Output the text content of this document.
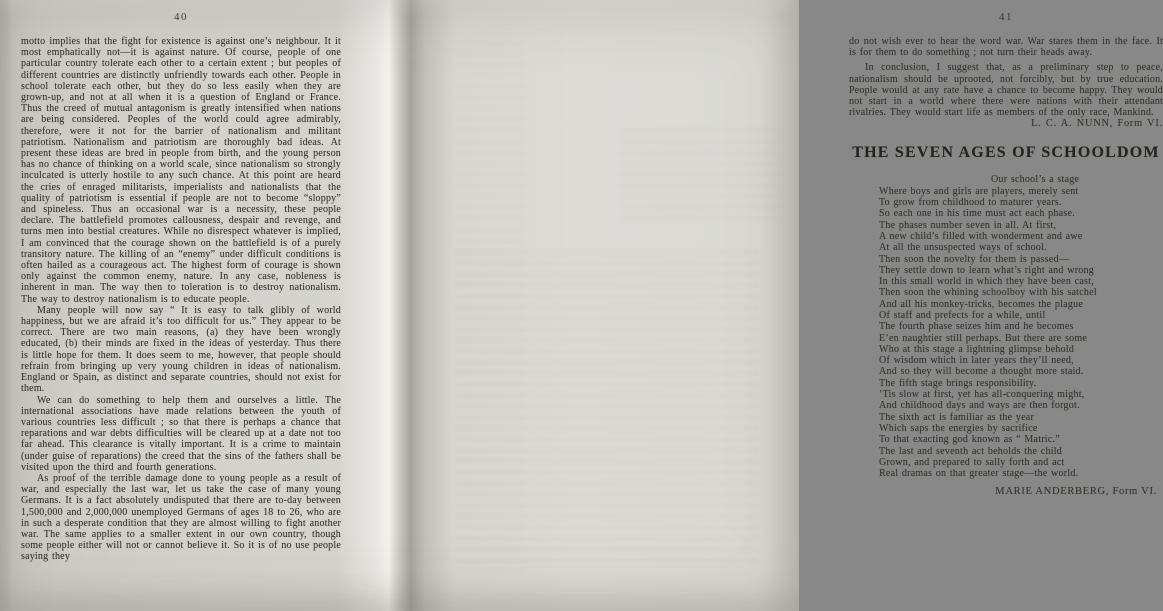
40

motto implies that the fight for existence is against one’s neighbour. It it most emphatically not—it is against nature. Of course, people of one particular country tolerate each other to a certain extent ; but peoples of different countries are distinctly unfriendly towards each other. People in school tolerate each other, but they do so less easily when they are grown-up, and not at all when it is a question of England or France. Thus the creed of mutual antagonism is greatly intensified when nations are being considered. Peoples of the world could agree admirably, therefore, were it not for the barrier of nationalism and militant patriotism. Nationalism and patriotism are thoroughly bad ideas. At present these ideas are bred in people from birth, and the young person has no chance of thinking on a world scale, since nationalism so strongly inculcated is utterly hostile to any such chance. At this point are heard the cries of enraged militarists, imperialists and nationalists that the quality of patriotism is essential if people are not to become “sloppy” and spineless. Thus an occasional war is a necessity, these people declare. The battlefield promotes callousness, despair and revenge, and turns men into bestial creatures. While no disrespect whatever is implied, I am convinced that the courage shown on the battlefield is of a purely transitory nature. The killing of an “enemy” under difficult conditions is often hailed as a courageous act. The highest form of courage is shown only against the common enemy, nature. In any case, nobleness is inherent in man. The way then to toleration is to destroy nationalism. The way to destroy nationalism is to educate people.

Many people will now say “ It is easy to talk glibly of world happiness, but we are afraid it’s too difficult for us.” They appear to be correct. There are two main reasons, (a) they have been wrongly educated, (b) their minds are fixed in the ideas of yesterday. Thus there is little hope for them. It does seem to me, however, that people should refrain from bringing up very young children in ideas of nationalism. England or Spain, as distinct and separate countries, should not exist for them.

We can do something to help them and ourselves a little. The international associations have made relations between the youth of various countries less difficult ; so that there is perhaps a chance that reparations and war debts difficulties will be cleared up at a date not too far ahead. This clearance is vitally important. It is a crime to maintain (under guise of reparations) the creed that the sins of the fathers shall be visited upon the third and fourth generations.

As proof of the terrible damage done to young people as a result of war, and especially the last war, let us take the case of many young Germans. It is a fact absolutely undisputed that there are to-day between 1,500,000 and 2,000,000 unemployed Germans of ages 18 to 26, who are in such a desperate condition that they are almost willing to fight another war. The same applies to a smaller extent in our own country, though some people either will not or cannot believe it. So it is of no use people saying they

41

do not wish ever to hear the word war. War stares them in the face. It is for them to do something ; not turn their heads away.

In conclusion, I suggest that, as a preliminary step to peace, nationalism should be uprooted, not forcibly, but by true education. People would at any rate have a chance to become happy. They would not start in a world where there were nations with their attendant rivalries. They would start life as members of the only race, Mankind.
L. C. A. NUNN, Form VI.

THE SEVEN AGES OF SCHOOLDOM
Our school’s a stage
Where boys and girls are players, merely sent
To grow from childhood to maturer years.
So each one in his time must act each phase.
The phases number seven in all. At first,
A new child’s filled with wonderment and awe
At all the unsuspected ways of school.
Then soon the novelty for them is passed—
They settle down to learn what’s right and wrong
In this small world in which they have been cast,
Then soon the whining schoolboy with his satchel
And all his monkey-tricks, becomes the plague
Of staff and prefects for a while, until
The fourth phase seizes him and he becomes
E’en naughtier still perhaps. But there are some
Who at this stage a lightning glimpse behold
Of wisdom which in later years they’ll need,
And so they will become a thought more staid.
The fifth stage brings responsibility.
’Tis slow at first, yet has all-conquering might,
And childhood days and ways are then forgot.
The sixth act is familiar as the year
Which saps the energies by sacrifice
To that exacting god known as “ Matric.”
The last and seventh act beholds the child
Grown, and prepared to sally forth and act
Real dramas on that greater stage—the world.
MARIE ANDERBERG, Form VI.
